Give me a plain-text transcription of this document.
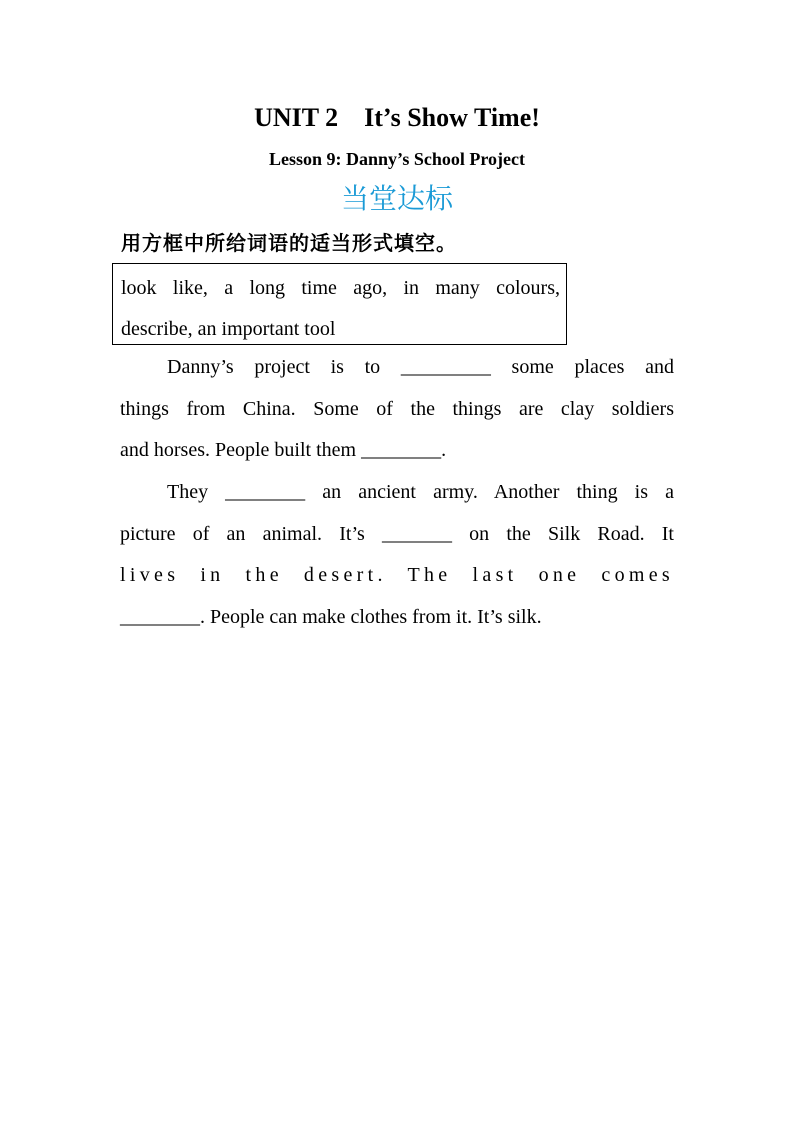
UNIT 2    It’s Show Time!
Lesson 9: Danny’s School Project
当堂达标
用方框中所给词语的适当形式填空。
look like, a long time ago, in many colours,
describe, an important tool
Danny’s project is to _________ some places and
things from China. Some of the things are clay soldiers
and horses. People built them ________.
They ________ an ancient army. Another thing is a
picture of an animal. It’s _______ on the Silk Road. It
lives in the desert. The last one comes
________. People can make clothes from it. It’s silk.
